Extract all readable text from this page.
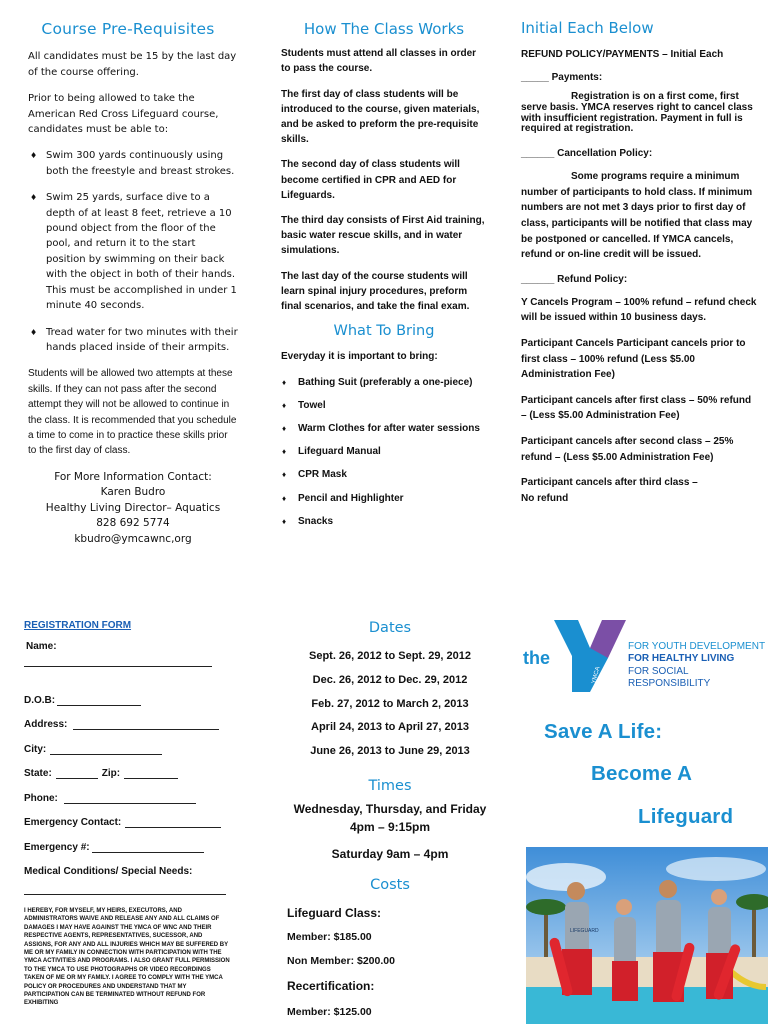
Course Pre-Requisites

All candidates must be 15 by the last day of the course offering.

Prior to being allowed to take the American Red Cross Lifeguard course, candidates must be able to:

♦ Swim 300 yards continuously using both the freestyle and breast strokes.
♦ Swim 25 yards, surface dive to a depth of at least 8 feet, retrieve a 10 pound object from the floor of the pool, and return it to the start position by swimming on their back with the object in both of their hands. This must be accomplished in under 1 minute 40 seconds.
♦ Tread water for two minutes with their hands placed inside of their armpits.

Students will be allowed two attempts at these skills. If they can not pass after the second attempt they will not be allowed to continue in the class. It is recommended that you schedule a time to come in to practice these skills prior to the first day of class.

For More Information Contact:
Karen Budro
Healthy Living Director– Aquatics
828 692 5774
kbudro@ymcawnc,org
How The Class Works

Students must attend all classes in order to pass the course.

The first day of class students will be introduced to the course, given materials, and be asked to preform the pre-requisite skills.

The second day of class students will become certified in CPR and AED for Lifeguards.

The third day consists of First Aid training, basic water rescue skills, and in water simulations.

The last day of the course students will learn spinal injury procedures, preform final scenarios, and take the final exam.

What To Bring

Everyday it is important to bring:

♦ Bathing Suit (preferably a one-piece)
♦ Towel
♦ Warm Clothes for after water sessions
♦ Lifeguard Manual
♦ CPR Mask
♦ Pencil and Highlighter
♦ Snacks
Initial Each Below

REFUND POLICY/PAYMENTS – Initial Each

_____ Payments:

Registration is on a first come, first serve basis. YMCA reserves right to cancel class with insufficient registration. Payment in full is required at registration.

______ Cancellation Policy:

Some programs require a minimum number of participants to hold class. If minimum numbers are not met 3 days prior to first day of class, participants will be notified that class may be postponed or cancelled. If YMCA cancels, refund or on-line credit will be issued.

______ Refund Policy:

Y Cancels Program – 100% refund – refund check will be issued within 10 business days.

Participant Cancels Participant cancels prior to first class – 100% refund (Less $5.00 Administration Fee)

Participant cancels after first class – 50% refund – (Less $5.00 Administration Fee)

Participant cancels after second class – 25% refund – (Less $5.00 Administration Fee)

Participant cancels after third class –
No refund

REGISTRATION FORM
Name:
D.O.B:
Address:
City:
State:	Zip:
Phone:
Emergency Contact:
Emergency #:
Medical Conditions/ Special Needs:

I HEREBY, FOR MYSELF, MY HEIRS, EXECUTORS, AND ADMINISTRATORS WAIVE AND RELEASE ANY AND ALL CLAIMS OF DAMAGES I MAY HAVE AGAINST THE YMCA OF WNC AND THEIR RESPECTIVE AGENTS, REPRESENTATIVES, SUCESSOR, AND ASSIGNS, FOR ANY AND ALL INJURIES WHICH MAY BE SUFFERED BY ME OR MY FAMILY IN CONNECTION WITH PARTICIPATION WITH THE YMCA ACTIVITIES AND PROGRAMS. I ALSO GRANT FULL PERMISSION TO THE YMCA TO USE PHOTOGRAPHS OR VIDEO RECORDINGS TAKEN OF ME OR MY FAMILY. I AGREE TO COMPLY WITH THE YMCA POLICY OR PROCEDURES AND UNDERSTAND THAT MY PARTICIPATION CAN BE TERMINATED WITHOUT REFUND FOR EXHIBITING

Dates
Sept. 26, 2012 to Sept. 29, 2012
Dec. 26, 2012 to Dec. 29, 2012
Feb. 27, 2012 to March 2, 2013
April 24, 2013 to April 27, 2013
June 26, 2013 to June 29, 2013
Times
Wednesday, Thursday, and Friday
4pm – 9:15pm
Saturday 9am – 4pm
Costs
Lifeguard Class:
Member: $185.00
Non Member: $200.00
Recertification:
Member: $125.00
the
YMCA
FOR YOUTH DEVELOPMENT
FOR HEALTHY LIVING
FOR SOCIAL RESPONSIBILITY
Save A Life:
Become A
Lifeguard
LIFEGUARD
